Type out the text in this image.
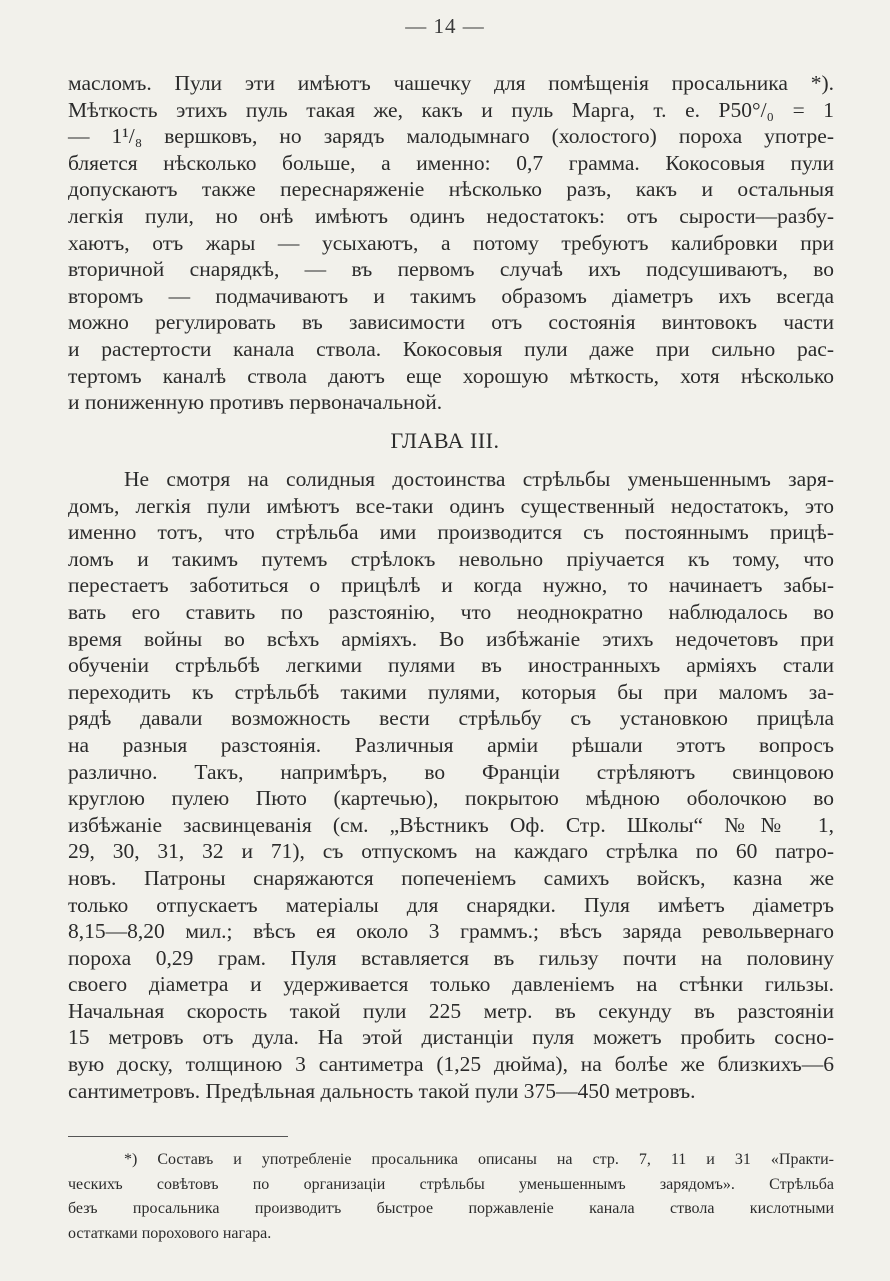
— 14 —
масломъ. Пули эти имѣютъ чашечку для помѣщенія просальника *).
Мѣткость этихъ пуль такая же, какъ и пуль Марга, т. е. Р50°/₀ = 1
— 1¹/₈ вершковъ, но зарядъ малодымнаго (холостого) пороха употре-
бляется нѣсколько больше, а именно: 0,7 грамма. Кокосовыя пули
допускаютъ также переснаряженіе нѣсколько разъ, какъ и остальныя
легкія пули, но онѣ имѣютъ одинъ недостатокъ: отъ сырости—разбу-
хаютъ, отъ жары — усыхаютъ, а потому требуютъ калибровки при
вторичной снарядкѣ, — въ первомъ случаѣ ихъ подсушиваютъ, во
второмъ — подмачиваютъ и такимъ образомъ діаметръ ихъ всегда
можно регулировать въ зависимости отъ состоянія винтовокъ части
и растертости канала ствола. Кокосовыя пули даже при сильно рас-
тертомъ каналѣ ствола даютъ еще хорошую мѣткость, хотя нѣсколько
и пониженную противъ первоначальной.
ГЛАВА III.
Не смотря на солидныя достоинства стрѣльбы уменьшеннымъ заря-
домъ, легкія пули имѣютъ все-таки одинъ существенный недостатокъ, это
именно тотъ, что стрѣльба ими производится съ постояннымъ прицѣ-
ломъ и такимъ путемъ стрѣлокъ невольно пріучается къ тому, что
перестаетъ заботиться о прицѣлѣ и когда нужно, то начинаетъ забы-
вать его ставить по разстоянію, что неоднократно наблюдалось во
время войны во всѣхъ арміяхъ. Во избѣжаніе этихъ недочетовъ при
обученіи стрѣльбѣ легкими пулями въ иностранныхъ арміяхъ стали
переходить къ стрѣльбѣ такими пулями, которыя бы при маломъ за-
рядѣ давали возможность вести стрѣльбу съ установкою прицѣла
на разныя разстоянія. Различныя арміи рѣшали этотъ вопросъ
различно. Такъ, напримѣръ, во Франціи стрѣляютъ свинцовою
круглою пулею Пюто (картечью), покрытою мѣдною оболочкою во
избѣжаніе засвинцеванія (см. „Вѣстникъ Оф. Стр. Школы“ №№ 1,
29, 30, 31, 32 и 71), съ отпускомъ на каждаго стрѣлка по 60 патро-
новъ. Патроны снаряжаются попеченіемъ самихъ войскъ, казна же
только отпускаетъ матеріалы для снарядки. Пуля имѣетъ діаметръ
8,15—8,20 мил.; вѣсъ ея около 3 граммъ.; вѣсъ заряда револьвернаго
пороха 0,29 грам. Пуля вставляется въ гильзу почти на половину
своего діаметра и удерживается только давленіемъ на стѣнки гильзы.
Начальная скорость такой пули 225 метр. въ секунду въ разстояніи
15 метровъ отъ дула. На этой дистанціи пуля можетъ пробить сосно-
вую доску, толщиною 3 сантиметра (1,25 дюйма), на болѣе же близкихъ—6
сантиметровъ. Предѣльная дальность такой пули 375—450 метровъ.
*) Составъ и употребленіе просальника описаны на стр. 7, 11 и 31 «Практи-
ческихъ совѣтовъ по организаціи стрѣльбы уменьшеннымъ зарядомъ». Стрѣльба
безъ просальника производитъ быстрое поржавленіе канала ствола кислотными
остатками порохового нагара.
